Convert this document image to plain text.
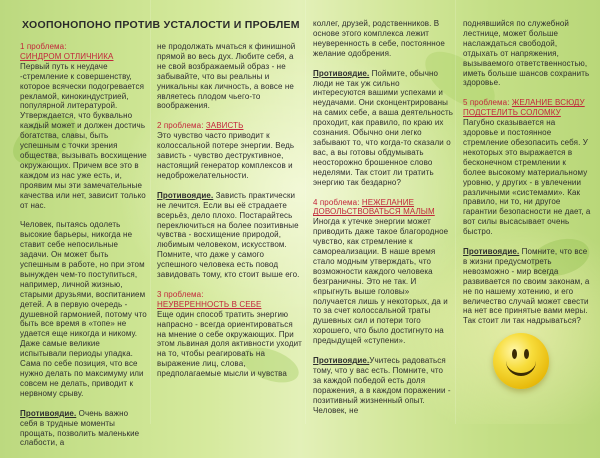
ХООПОНОПОНО ПРОТИВ УСТАЛОСТИ И ПРОБЛЕМ
1 проблема:
СИНДРОМ ОТЛИЧНИКА

Первый путь к неудаче -стремление к совершенству, которое всячески подогревается рекламой, кинокиндустрией, популярной литературой. Утверждается, что буквально каждый может и должен достичь богатства, славы, быть успешным с точки зрения общества, вызывать восхищение окружающих. Причем все это в каждом из нас уже есть, и, проявим мы эти замечательные качества или нет, зависит только от нас.

Человек, пытаясь одолеть высокие барьеры, никогда не ставит себе непосильные задачи. Он может быть успешным в работе, но при этом вынужден чем-то поступиться, например, личной жизнью, старыми друзьями, воспитанием детей. А в первую очередь - душевной гармонией, потому что быть все время в «топе» не удается еще никогда и никому. Даже самые великие испытывали периоды упадка. Сама по себе позиция, что все нужно делать по максимуму или совсем не делать, приводит к нервному срыву.

Противоядие. Очень важно себя в трудные моменты прощать, позволить маленькие слабости, а

не продолжать мчаться к финишной прямой во весь дух. Любите себя, а не свой возбражаемый образ - не забывайте, что вы реальны и уникальны как личность, а вовсе не являетесь плодом чьего-то воображения.

2 проблема: ЗАВИСТЬ

Это чувство часто приводит к колоссальной потере энергии. Ведь зависть - чувство деструктивное, настоящий генератор комплексов и недоброжелательности.

Противоядие. Зависть практически не лечится. Если вы её страдаете всерьёз, дело плохо. Постарайтесь переключиться на более позитивные чувства - восхищение природой, любимым человеком, искусством. Помните, что даже у самого успешного человека есть повод завидовать тому, кто стоит выше его.

3 проблема:
НЕУВЕРЕННОСТЬ В СЕБЕ

Еще один способ тратить энергию напрасно - всегда ориентироваться на мнение о себе окружающих. При этом львиная доля активности уходит на то, чтобы реагировать на выражение лиц, слова, предполагаемые мысли и чувства

коллег, друзей, родственников. В основе этого комплекса лежит неуверенность в себе, постоянное желание одобрения.

Противоядие. Поймите, обычно люди не так уж сильно интересуются вашими успехами и неудачами. Они сконцентрированы на самих себе, а ваша деятельность проходит, как правило, по краю их сознания. Обычно они легко забывают то, что когда-то сказали о вас, а вы готовы обдумывать неосторожно брошенное слово неделями. Так стоит ли тратить энергию так бездарно?

4 проблема: НЕЖЕЛАНИЕ ДОВОЛЬСТВОВАТЬСЯ МАЛЫМ

Иногда к утечке энергии может приводить даже такое благородное чувство, как стремление к самореализации. В наше время стало модным утверждать, что возможности каждого человека безграничны. Это не так. И «прыгнуть выше головы» получается лишь у некоторых, да и то за счет колоссальной траты душевных сил и потери того хорошего, что было достигнуто на предыдущей «ступени».

Противоядие.Учитесь радоваться тому, что у вас есть. Помните, что за каждой победой есть доля поражения, а в каждом поражении - позитивный жизненный опыт. Человек, не

поднявшийся по служебной лестнице, может больше наслаждаться свободой, отдыхать от напряжения, вызываемого ответственностью, иметь больше шансов сохранить здоровье.

5 проблема: ЖЕЛАНИЕ ВСЮДУ ПОДСТЕЛИТЬ СОЛОМКУ

Пагубно сказывается на здоровье и постоянное стремление обезопасить себя. У некоторых это выражается в бесконечном стремлении к более высокому материальному уровню, у других - в увлечении различными «системами». Как правило, ни то, ни другое гарантии безопасности не дает, а вот силы высасывает очень быстро.

Противоядие. Помните, что все в жизни предусмотреть невозможно - мир всегда развивается по своим законам, а не по нашему хотению, и его величество случай может свести на нет все принятые вами меры. Так стоит ли так надрываться?
